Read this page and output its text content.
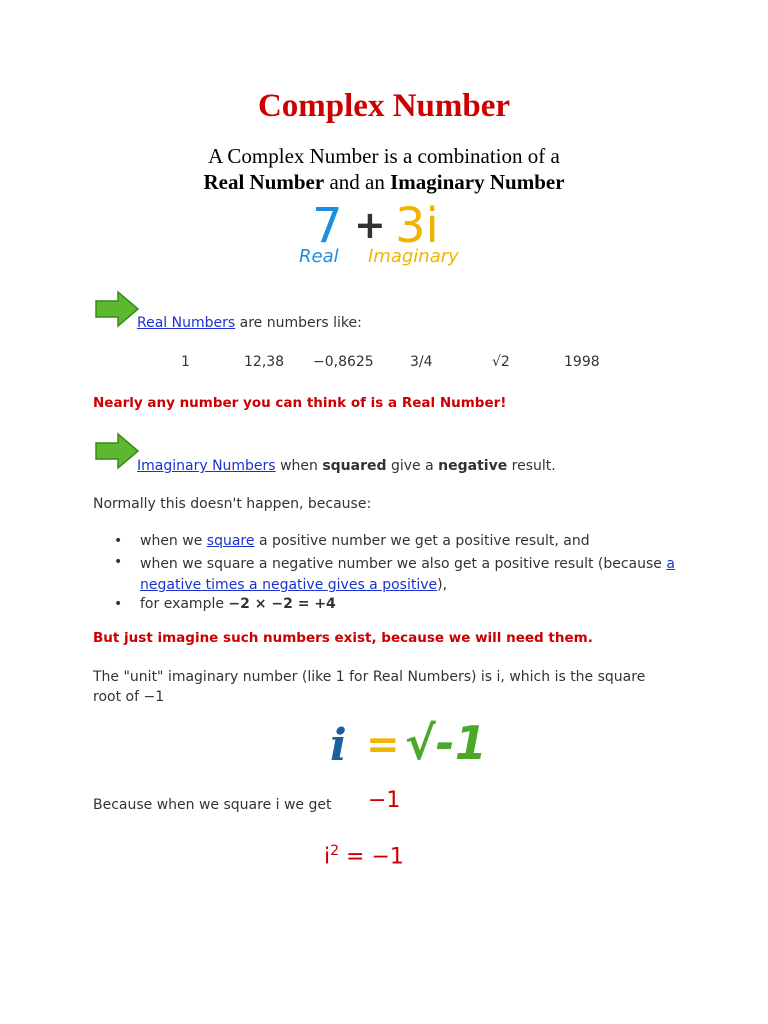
Complex Number
A Complex Number is a combination of a
Real Number and an Imaginary Number
7 + 3i
Real Imaginary
Real Numbers are numbers like:
1	12,38 −0,8625	3/4	√2	1998
Nearly any number you can think of is a Real Number!
Imaginary Numbers when squared give a negative result.
Normally this doesn't happen, because:
• when we square a positive number we get a positive result, and
• when we square a negative number we also get a positive result (because a negative times a negative gives a positive),
• for example −2 × −2 = +4
But just imagine such numbers exist, because we will need them.
The "unit" imaginary number (like 1 for Real Numbers) is i, which is the square
root of −1
i = √-1
Because when we square i we get −1
$i^2 = -1$
